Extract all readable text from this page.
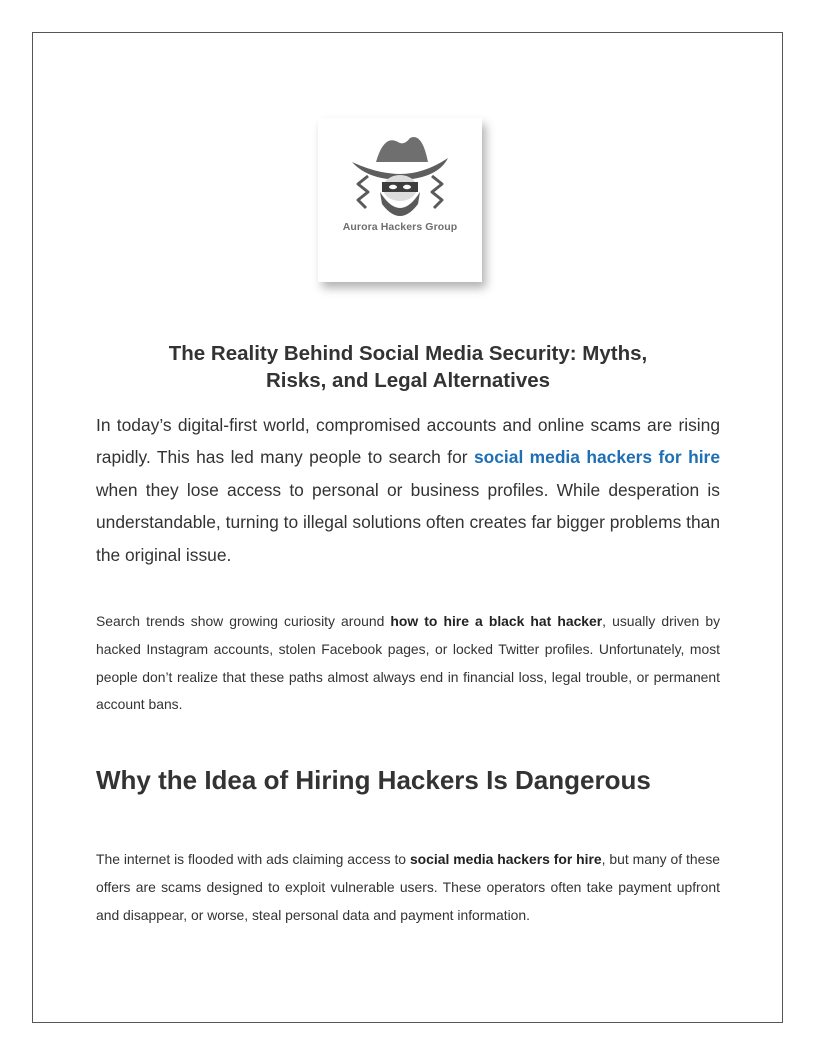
Aurora Hackers Group
The Reality Behind Social Media Security: Myths,
Risks, and Legal Alternatives

In today’s digital-first world, compromised accounts and online scams are rising rapidly. This has led many people to search for social media hackers for hire when they lose access to personal or business profiles. While desperation is understandable, turning to illegal solutions often creates far bigger problems than the original issue.

Search trends show growing curiosity around how to hire a black hat hacker, usually driven by hacked Instagram accounts, stolen Facebook pages, or locked Twitter profiles. Unfortunately, most people don’t realize that these paths almost always end in financial loss, legal trouble, or permanent account bans.

Why the Idea of Hiring Hackers Is Dangerous

The internet is flooded with ads claiming access to social media hackers for hire, but many of these offers are scams designed to exploit vulnerable users. These operators often take payment upfront and disappear, or worse, steal personal data and payment information.
